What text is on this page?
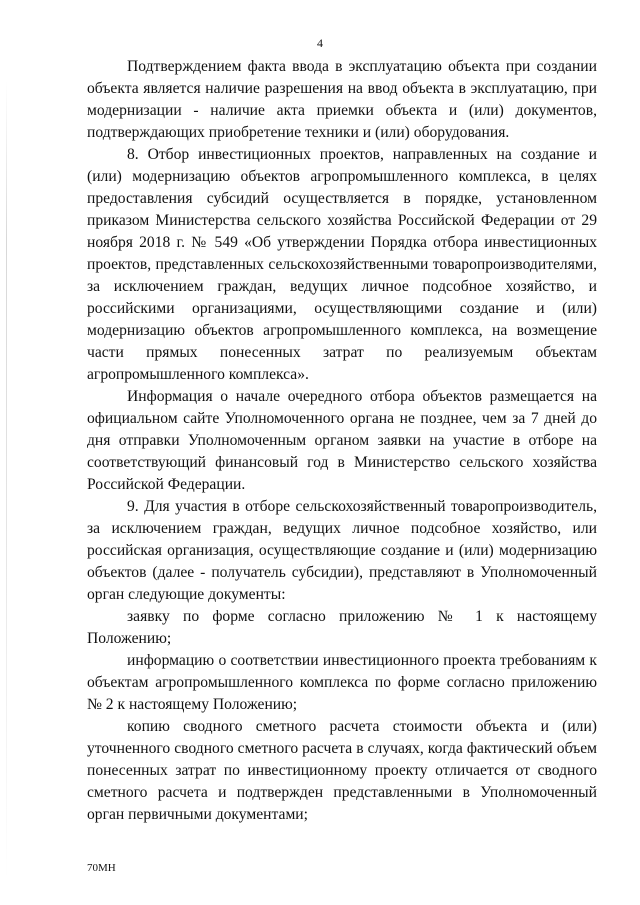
4

Подтверждением факта ввода в эксплуатацию объекта при создании объекта является наличие разрешения на ввод объекта в эксплуатацию, при модернизации - наличие акта приемки объекта и (или) документов, подтверждающих приобретение техники и (или) оборудования.

8. Отбор инвестиционных проектов, направленных на создание и (или) модернизацию объектов агропромышленного комплекса, в целях предоставления субсидий осуществляется в порядке, установленном приказом Министерства сельского хозяйства Российской Федерации от 29 ноября 2018 г. № 549 «Об утверждении Порядка отбора инвестиционных проектов, представленных сельскохозяйственными товаропроизводителями, за исключением граждан, ведущих личное подсобное хозяйство, и российскими организациями, осуществляющими создание и (или) модернизацию объектов агропромышленного комплекса, на возмещение части прямых понесенных затрат по реализуемым объектам агропромышленного комплекса».

Информация о начале очередного отбора объектов размещается на официальном сайте Уполномоченного органа не позднее, чем за 7 дней до дня отправки Уполномоченным органом заявки на участие в отборе на соответствующий финансовый год в Министерство сельского хозяйства Российской Федерации.

9. Для участия в отборе сельскохозяйственный товаропроизводитель, за исключением граждан, ведущих личное подсобное хозяйство, или российская организация, осуществляющие создание и (или) модернизацию объектов (далее - получатель субсидии), представляют в Уполномоченный орган следующие документы:

заявку по форме согласно приложению № 1 к настоящему Положению;

информацию о соответствии инвестиционного проекта требованиям к объектам агропромышленного комплекса по форме согласно приложению № 2 к настоящему Положению;

копию сводного сметного расчета стоимости объекта и (или) уточненного сводного сметного расчета в случаях, когда фактический объем понесенных затрат по инвестиционному проекту отличается от сводного сметного расчета и подтвержден представленными в Уполномоченный орган первичными документами;

70МН
